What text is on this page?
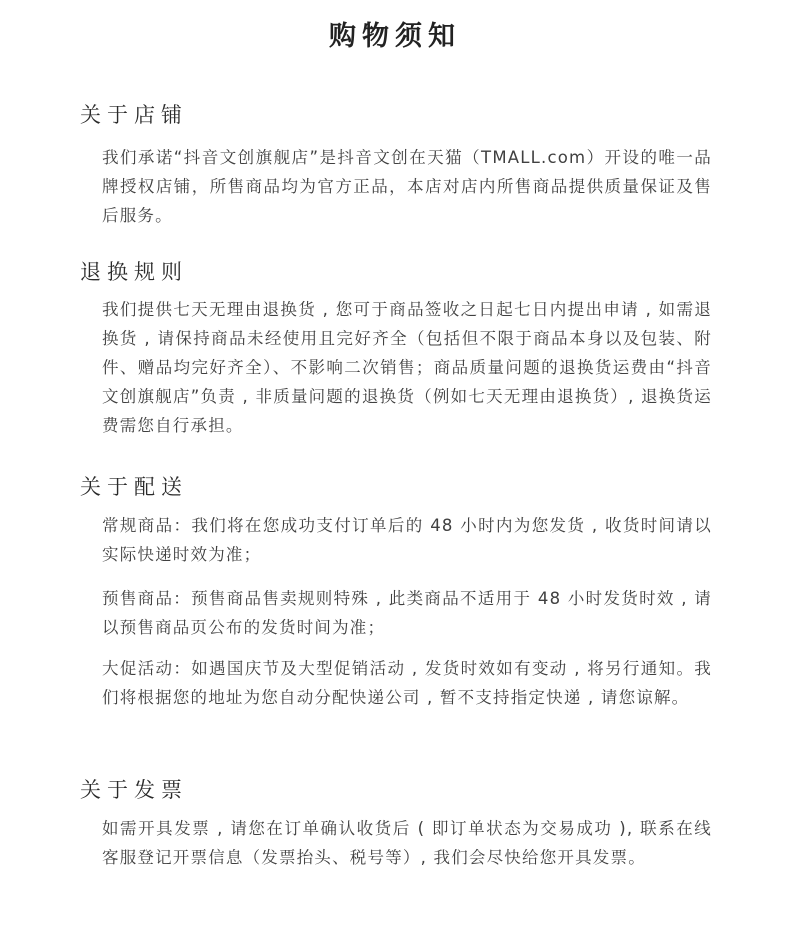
购物须知
关于店铺
我们承诺“抖音文创旗舰店”是抖音文创在天猫（TMALL.com）开设的唯一品牌授权店铺，所售商品均为官方正品，本店对店内所售商品提供质量保证及售后服务。
退换规则
我们提供七天无理由退换货 , 您可于商品签收之日起七日内提出申请 , 如需退换货 , 请保持商品未经使用且完好齐全（包括但不限于商品本身以及包装、附件、赠品均完好齐全）、不影响二次销售；商品质量问题的退换货运费由“抖音文创旗舰店”负责 , 非质量问题的退换货（例如七天无理由退换货）, 退换货运费需您自行承担。
关于配送
常规商品：我们将在您成功支付订单后的 48 小时内为您发货 , 收货时间请以实际快递时效为准；
预售商品：预售商品售卖规则特殊 , 此类商品不适用于 48 小时发货时效 , 请以预售商品页公布的发货时间为准；
大促活动：如遇国庆节及大型促销活动 , 发货时效如有变动 , 将另行通知。我们将根据您的地址为您自动分配快递公司 , 暂不支持指定快递 , 请您谅解。
关于发票
如需开具发票 , 请您在订单确认收货后 ( 即订单状态为交易成功 ), 联系在线客服登记开票信息（发票抬头、税号等）, 我们会尽快给您开具发票。
